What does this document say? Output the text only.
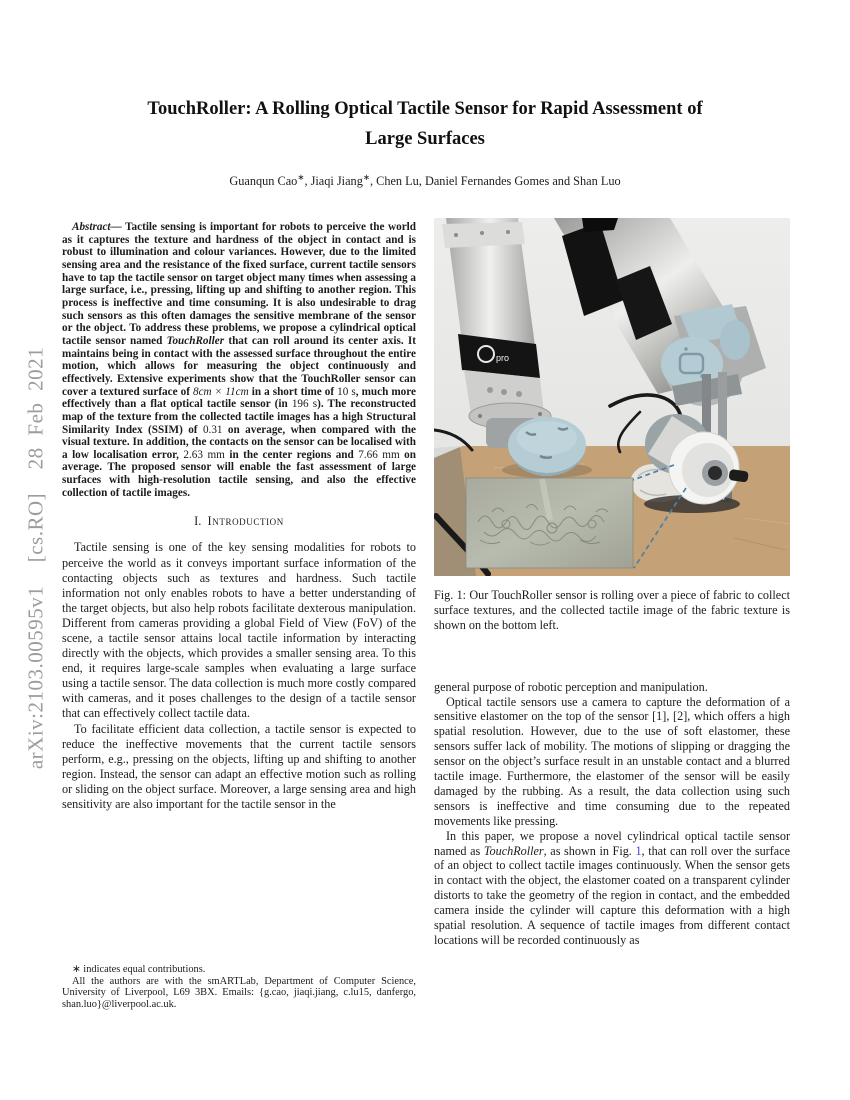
arXiv:2103.00595v1  [cs.RO]  28 Feb 2021
TouchRoller: A Rolling Optical Tactile Sensor for Rapid Assessment of
Large Surfaces
Guanqun Cao∗, Jiaqi Jiang∗, Chen Lu, Daniel Fernandes Gomes and Shan Luo

Abstract— Tactile sensing is important for robots to perceive the world as it captures the texture and hardness of the object in contact and is robust to illumination and colour variances. However, due to the limited sensing area and the resistance of the fixed surface, current tactile sensors have to tap the tactile sensor on target object many times when assessing a large surface, i.e., pressing, lifting up and shifting to another region. This process is ineffective and time consuming. It is also undesirable to drag such sensors as this often damages the sensitive membrane of the sensor or the object. To address these problems, we propose a cylindrical optical tactile sensor named TouchRoller that can roll around its center axis. It maintains being in contact with the assessed surface throughout the entire motion, which allows for measuring the object continuously and effectively. Extensive experiments show that the TouchRoller sensor can cover a textured surface of 8cm × 11cm in a short time of 10 s, much more effectively than a flat optical tactile sensor (in 196 s). The reconstructed map of the texture from the collected tactile images has a high Structural Similarity Index (SSIM) of 0.31 on average, when compared with the visual texture. In addition, the contacts on the sensor can be localised with a low localisation error, 2.63 mm in the center regions and 7.66 mm on average. The proposed sensor will enable the fast assessment of large surfaces with high-resolution tactile sensing, and also the effective collection of tactile images.

I. Introduction

Tactile sensing is one of the key sensing modalities for robots to perceive the world as it conveys important surface information of the contacting objects such as textures and hardness. Such tactile information not only enables robots to have a better understanding of the target objects, but also help robots facilitate dexterous manipulation. Different from cameras providing a global Field of View (FoV) of the scene, a tactile sensor attains local tactile information by interacting directly with the objects, which provides a smaller sensing area. To this end, it requires large-scale samples when evaluating a large surface using a tactile sensor. The data collection is much more costly compared with cameras, and it poses challenges to the design of a tactile sensor that can effectively collect tactile data.

To facilitate efficient data collection, a tactile sensor is expected to reduce the ineffective movements that the current tactile sensors perform, e.g., pressing on the objects, lifting up and shifting to another region. Instead, the sensor can adapt an effective motion such as rolling or sliding on the object surface. Moreover, a large sensing area and high sensitivity are also important for the tactile sensor in the

∗ indicates equal contributions.

All the authors are with the smARTLab, Department of Computer Science, University of Liverpool, L69 3BX. Emails: {g.cao, jiaqi.jiang, c.lu15, danfergo, shan.luo}@liverpool.ac.uk.

pro
Fig. 1: Our TouchRoller sensor is rolling over a piece of fabric to collect surface textures, and the collected tactile image of the fabric texture is shown on the bottom left.

general purpose of robotic perception and manipulation.

Optical tactile sensors use a camera to capture the deformation of a sensitive elastomer on the top of the sensor [1], [2], which offers a high spatial resolution. However, due to the use of soft elastomer, these sensors suffer lack of mobility. The motions of slipping or dragging the sensor on the object’s surface result in an unstable contact and a blurred tactile image. Furthermore, the elastomer of the sensor will be easily damaged by the rubbing. As a result, the data collection using such sensors is ineffective and time consuming due to the repeated movements like pressing.

In this paper, we propose a novel cylindrical optical tactile sensor named as TouchRoller, as shown in Fig. 1, that can roll over the surface of an object to collect tactile images continuously. When the sensor gets in contact with the object, the elastomer coated on a transparent cylinder distorts to take the geometry of the region in contact, and the embedded camera inside the cylinder will capture this deformation with a high spatial resolution. A sequence of tactile images from different contact locations will be recorded continuously as
